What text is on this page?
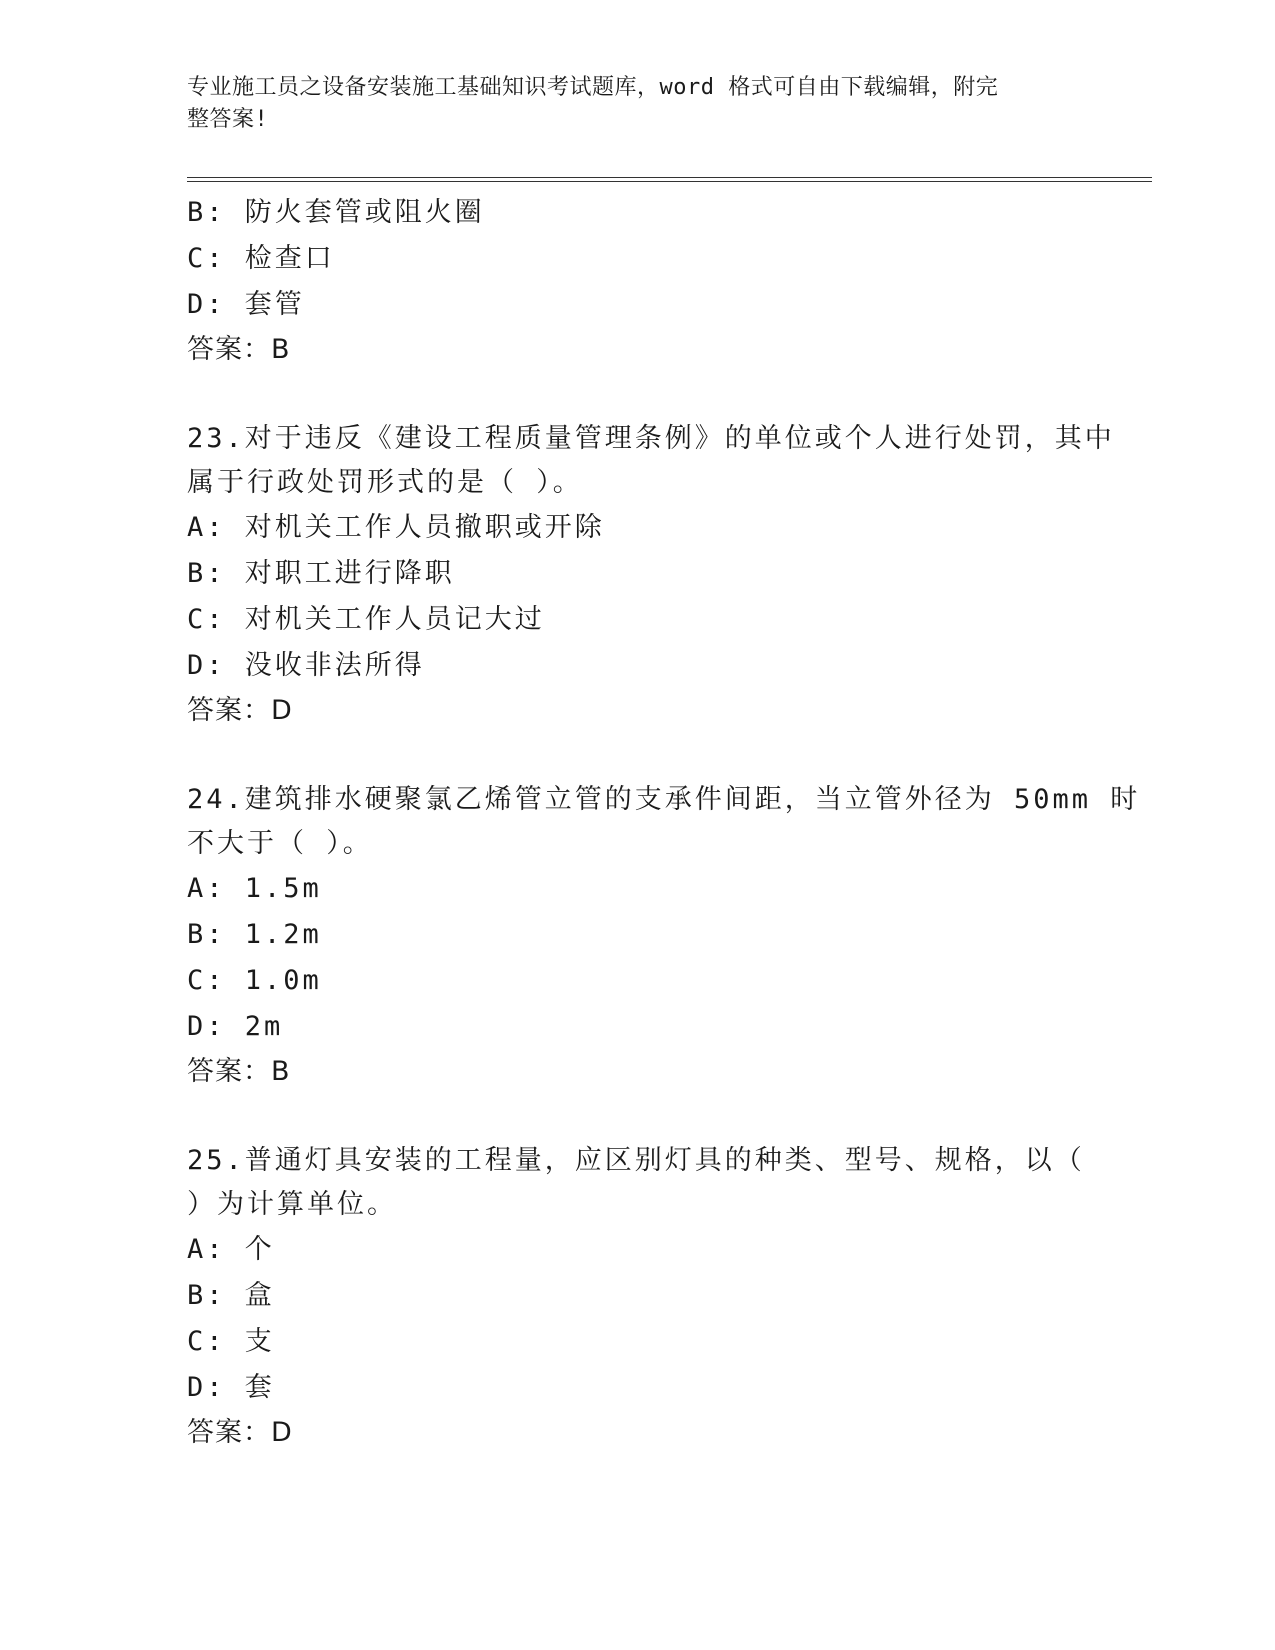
专业施工员之设备安装施工基础知识考试题库，word 格式可自由下载编辑，附完
整答案!
B: 防火套管或阻火圈
C: 检查口
D: 套管
答案：B
23.对于违反《建设工程质量管理条例》的单位或个人进行处罚，其中
属于行政处罚形式的是（ ）。
A: 对机关工作人员撤职或开除
B: 对职工进行降职
C: 对机关工作人员记大过
D: 没收非法所得
答案：D
24.建筑排水硬聚氯乙烯管立管的支承件间距，当立管外径为 50mm 时
不大于（ ）。
A: 1.5m
B: 1.2m
C: 1.0m
D: 2m
答案：B
25.普通灯具安装的工程量，应区别灯具的种类、型号、规格，以（
）为计算单位。
A: 个
B: 盒
C: 支
D: 套
答案：D
